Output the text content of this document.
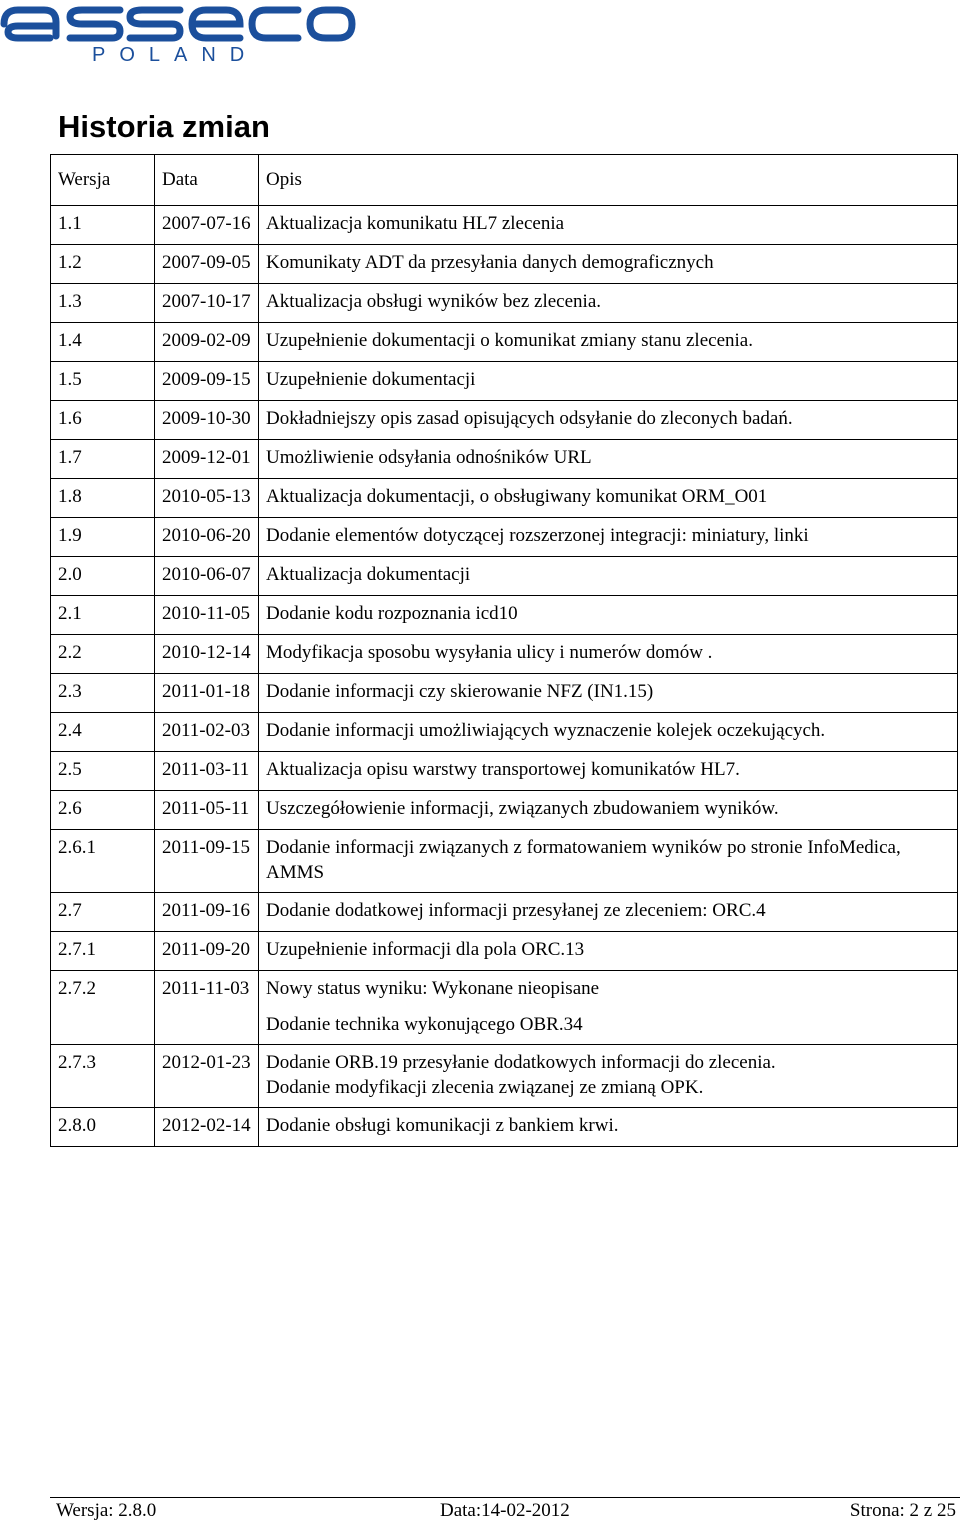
POLAND
Historia zmian
Wersja	Data	Opis
1.1	2007-07-16	Aktualizacja komunikatu HL7 zlecenia

1.2	2007-09-05	Komunikaty ADT da przesyłania danych demograficznych

1.3	2007-10-17	Aktualizacja obsługi wyników bez zlecenia.

1.4	2009-02-09	Uzupełnienie dokumentacji o komunikat zmiany stanu zlecenia.

1.5	2009-09-15	Uzupełnienie dokumentacji

1.6	2009-10-30	Dokładniejszy opis zasad opisujących odsyłanie do zleconych badań.

1.7	2009-12-01	Umożliwienie odsyłania odnośników URL

1.8	2010-05-13	Aktualizacja dokumentacji, o obsługiwany komunikat ORM_O01

1.9	2010-06-20	Dodanie elementów dotyczącej rozszerzonej integracji: miniatury, linki

2.0	2010-06-07	Aktualizacja dokumentacji

2.1	2010-11-05	Dodanie kodu rozpoznania icd10

2.2	2010-12-14	Modyfikacja sposobu wysyłania ulicy i numerów domów .

2.3	2011-01-18	Dodanie informacji czy skierowanie NFZ (IN1.15)

2.4	2011-02-03	Dodanie informacji umożliwiających wyznaczenie kolejek oczekujących.

2.5	2011-03-11	Aktualizacja opisu warstwy transportowej komunikatów HL7.

2.6	2011-05-11	Uszczegółowienie informacji, związanych zbudowaniem wyników.

2.6.1	2011-09-15	Dodanie informacji związanych z formatowaniem wyników po stronie InfoMedica, AMMS

2.7	2011-09-16	Dodanie dodatkowej informacji przesyłanej ze zleceniem: ORC.4

2.7.1	2011-09-20	Uzupełnienie informacji dla pola ORC.13

2.7.2	2011-11-03	Nowy status wyniku: Wykonane nieopisane
Dodanie technika wykonującego OBR.34

2.7.3	2012-01-23	Dodanie ORB.19 przesyłanie dodatkowych informacji do zlecenia.
Dodanie modyfikacji zlecenia związanej ze zmianą OPK.

2.8.0	2012-02-14	Dodanie obsługi komunikacji z bankiem krwi.
Wersja: 2.8.0	Data:14-02-2012	Strona: 2 z 25
